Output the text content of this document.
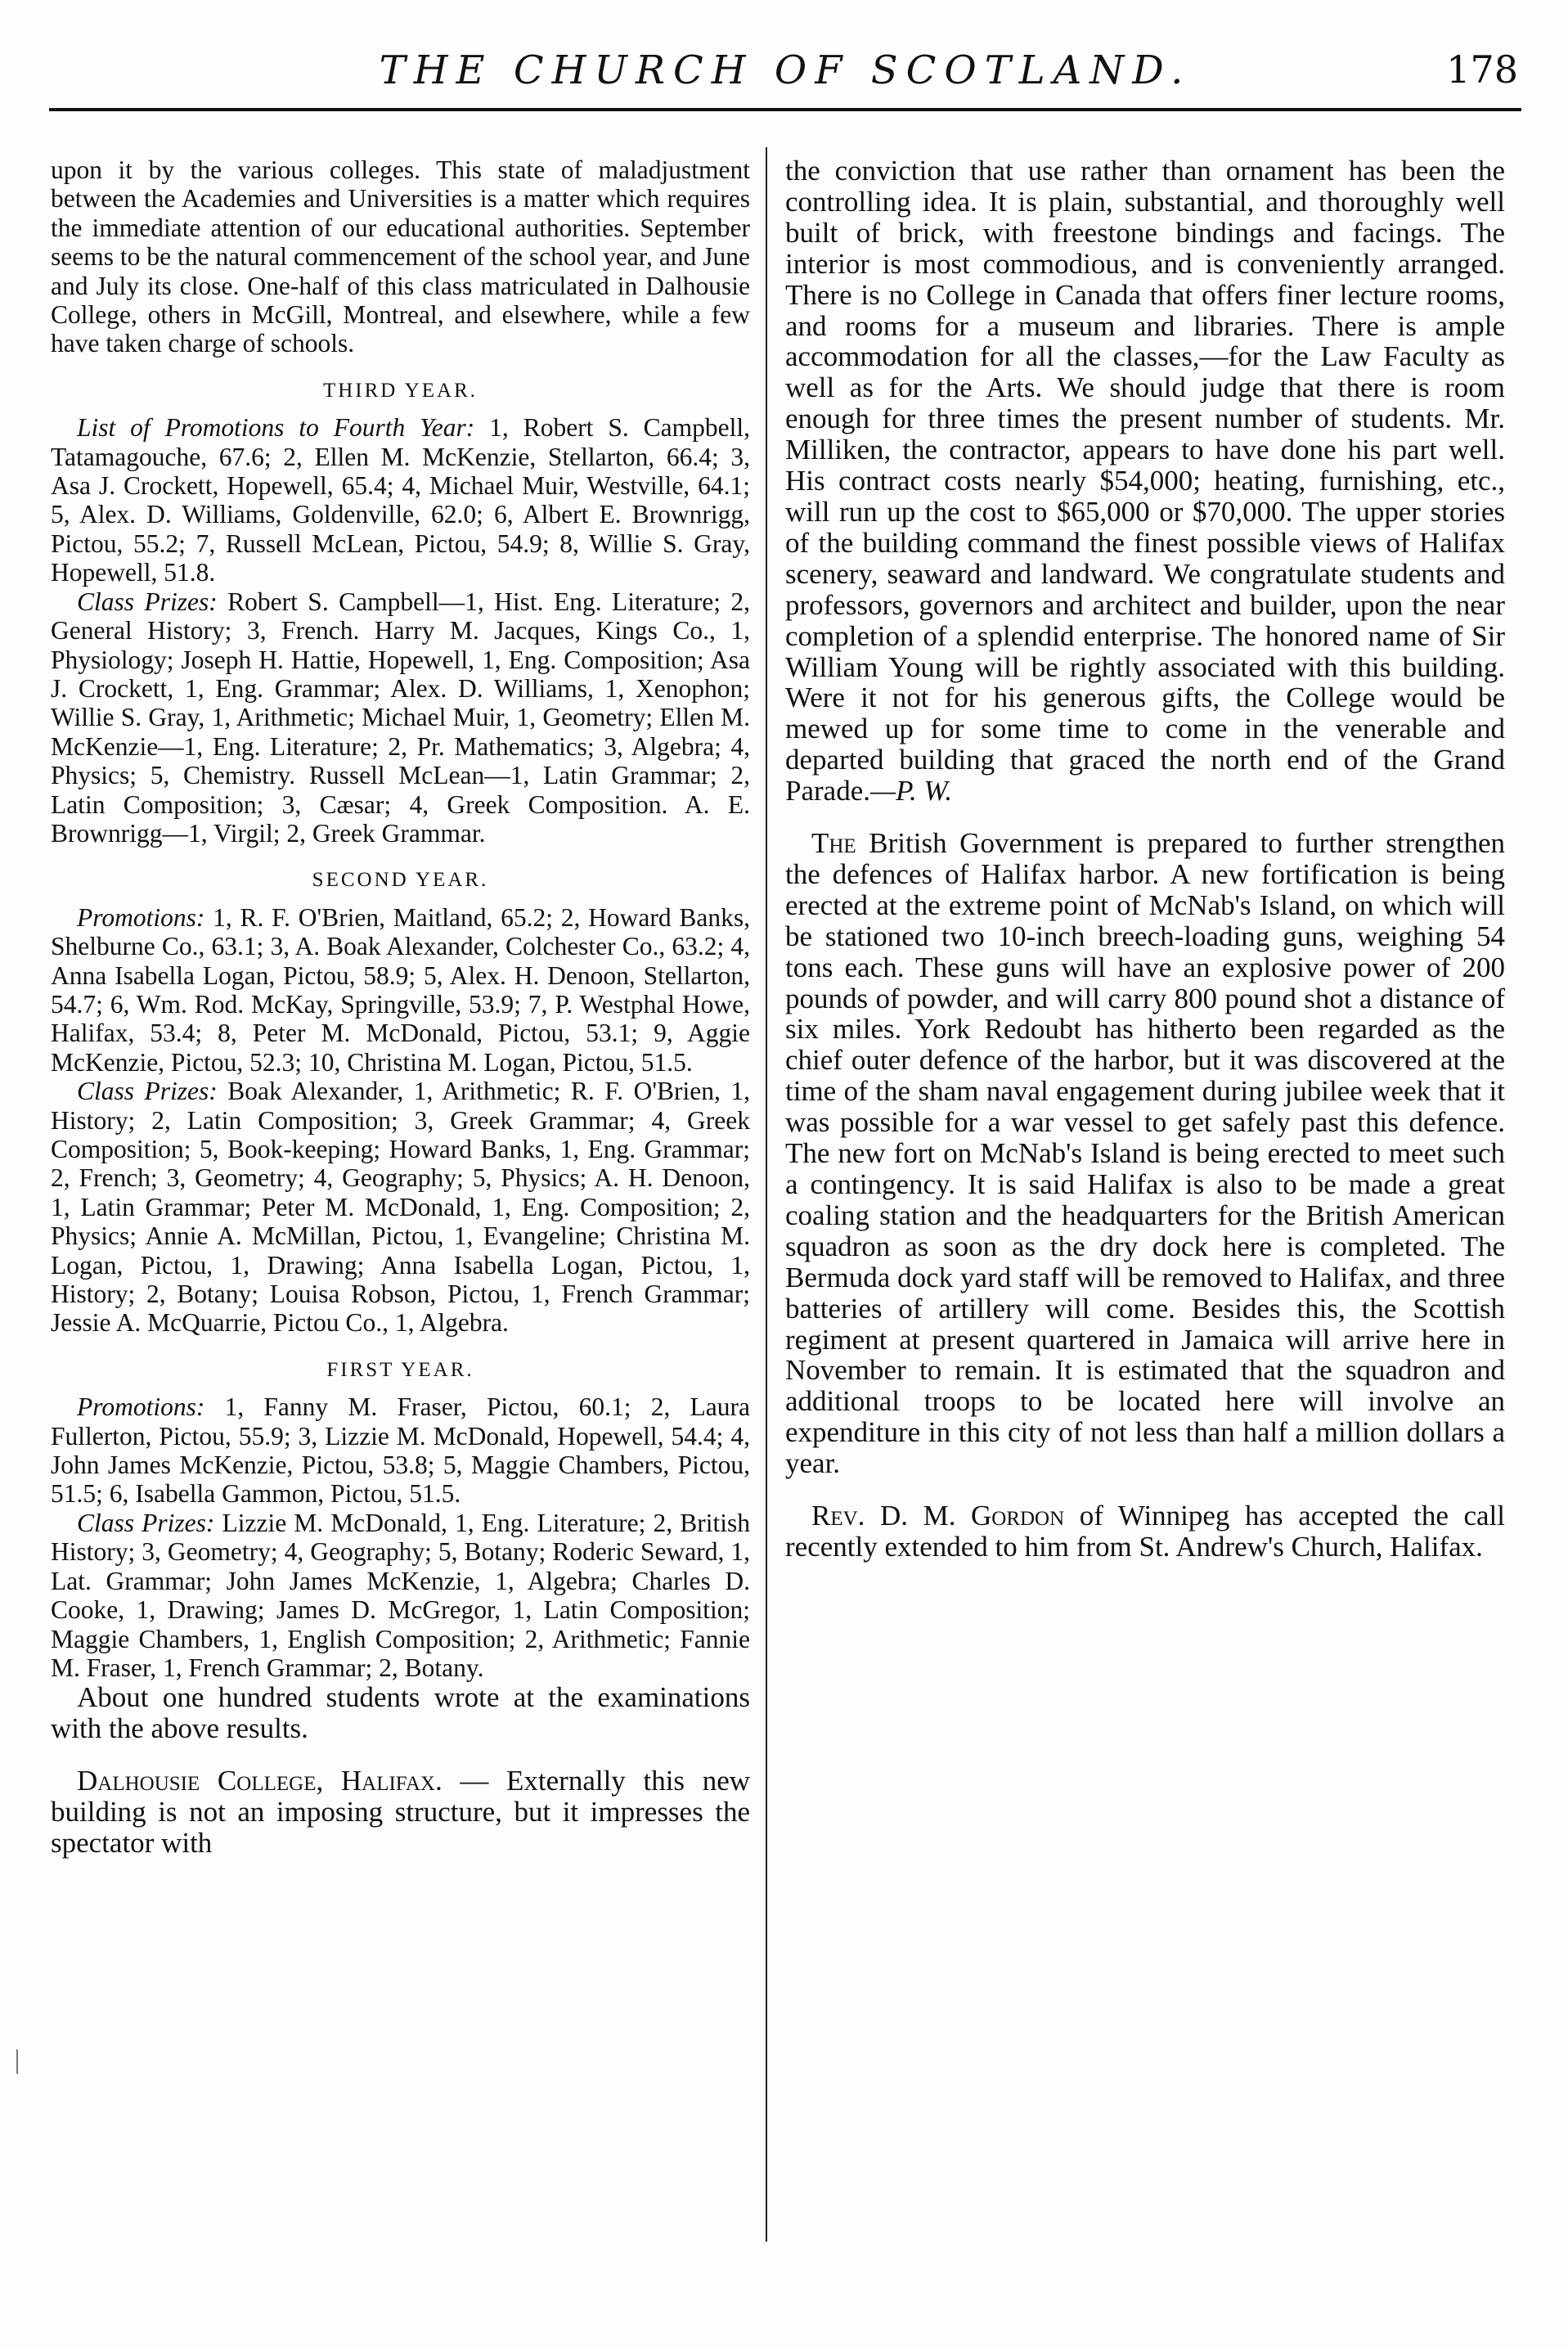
THE CHURCH OF SCOTLAND.	178

upon it by the various colleges. This state of maladjustment between the Academies and Universities is a matter which requires the immediate attention of our educational authorities. September seems to be the natural commencement of the school year, and June and July its close. One-half of this class matriculated in Dalhousie College, others in McGill, Montreal, and elsewhere, while a few have taken charge of schools.

THIRD YEAR.

List of Promotions to Fourth Year: 1, Robert S. Campbell, Tatamagouche, 67.6; 2, Ellen M. McKenzie, Stellarton, 66.4; 3, Asa J. Crockett, Hopewell, 65.4; 4, Michael Muir, Westville, 64.1; 5, Alex. D. Williams, Goldenville, 62.0; 6, Albert E. Brownrigg, Pictou, 55.2; 7, Russell McLean, Pictou, 54.9; 8, Willie S. Gray, Hopewell, 51.8.

Class Prizes: Robert S. Campbell—1, Hist. Eng. Literature; 2, General History; 3, French. Harry M. Jacques, Kings Co., 1, Physiology; Joseph H. Hattie, Hopewell, 1, Eng. Composition; Asa J. Crockett, 1, Eng. Grammar; Alex. D. Williams, 1, Xenophon; Willie S. Gray, 1, Arithmetic; Michael Muir, 1, Geometry; Ellen M. McKenzie—1, Eng. Literature; 2, Pr. Mathematics; 3, Algebra; 4, Physics; 5, Chemistry. Russell McLean—1, Latin Grammar; 2, Latin Composition; 3, Cæsar; 4, Greek Composition. A. E. Brownrigg—1, Virgil; 2, Greek Grammar.

SECOND YEAR.

Promotions: 1, R. F. O'Brien, Maitland, 65.2; 2, Howard Banks, Shelburne Co., 63.1; 3, A. Boak Alexander, Colchester Co., 63.2; 4, Anna Isabella Logan, Pictou, 58.9; 5, Alex. H. Denoon, Stellarton, 54.7; 6, Wm. Rod. McKay, Springville, 53.9; 7, P. Westphal Howe, Halifax, 53.4; 8, Peter M. McDonald, Pictou, 53.1; 9, Aggie McKenzie, Pictou, 52.3; 10, Christina M. Logan, Pictou, 51.5.

Class Prizes: Boak Alexander, 1, Arithmetic; R. F. O'Brien, 1, History; 2, Latin Composition; 3, Greek Grammar; 4, Greek Composition; 5, Book-keeping; Howard Banks, 1, Eng. Grammar; 2, French; 3, Geometry; 4, Geography; 5, Physics; A. H. Denoon, 1, Latin Grammar; Peter M. McDonald, 1, Eng. Composition; 2, Physics; Annie A. McMillan, Pictou, 1, Evangeline; Christina M. Logan, Pictou, 1, Drawing; Anna Isabella Logan, Pictou, 1, History; 2, Botany; Louisa Robson, Pictou, 1, French Grammar; Jessie A. McQuarrie, Pictou Co., 1, Algebra.

FIRST YEAR.

Promotions: 1, Fanny M. Fraser, Pictou, 60.1; 2, Laura Fullerton, Pictou, 55.9; 3, Lizzie M. McDonald, Hopewell, 54.4; 4, John James McKenzie, Pictou, 53.8; 5, Maggie Chambers, Pictou, 51.5; 6, Isabella Gammon, Pictou, 51.5.

Class Prizes: Lizzie M. McDonald, 1, Eng. Literature; 2, British History; 3, Geometry; 4, Geography; 5, Botany; Roderic Seward, 1, Lat. Grammar; John James McKenzie, 1, Algebra; Charles D. Cooke, 1, Drawing; James D. McGregor, 1, Latin Composition; Maggie Chambers, 1, English Composition; 2, Arithmetic; Fannie M. Fraser, 1, French Grammar; 2, Botany.

About one hundred students wrote at the examinations with the above results.

Dalhousie College, Halifax. — Externally this new building is not an imposing structure, but it impresses the spectator with

the conviction that use rather than ornament has been the controlling idea. It is plain, substantial, and thoroughly well built of brick, with freestone bindings and facings. The interior is most commodious, and is conveniently arranged. There is no College in Canada that offers finer lecture rooms, and rooms for a museum and libraries. There is ample accommodation for all the classes,—for the Law Faculty as well as for the Arts. We should judge that there is room enough for three times the present number of students. Mr. Milliken, the contractor, appears to have done his part well. His contract costs nearly $54,000; heating, furnishing, etc., will run up the cost to $65,000 or $70,000. The upper stories of the building command the finest possible views of Halifax scenery, seaward and landward. We congratulate students and professors, governors and architect and builder, upon the near completion of a splendid enterprise. The honored name of Sir William Young will be rightly associated with this building. Were it not for his generous gifts, the College would be mewed up for some time to come in the venerable and departed building that graced the north end of the Grand Parade.—P. W.

The British Government is prepared to further strengthen the defences of Halifax harbor. A new fortification is being erected at the extreme point of McNab's Island, on which will be stationed two 10-inch breech-loading guns, weighing 54 tons each. These guns will have an explosive power of 200 pounds of powder, and will carry 800 pound shot a distance of six miles. York Redoubt has hitherto been regarded as the chief outer defence of the harbor, but it was discovered at the time of the sham naval engagement during jubilee week that it was possible for a war vessel to get safely past this defence. The new fort on McNab's Island is being erected to meet such a contingency. It is said Halifax is also to be made a great coaling station and the headquarters for the British American squadron as soon as the dry dock here is completed. The Bermuda dock yard staff will be removed to Halifax, and three batteries of artillery will come. Besides this, the Scottish regiment at present quartered in Jamaica will arrive here in November to remain. It is estimated that the squadron and additional troops to be located here will involve an expenditure in this city of not less than half a million dollars a year.

Rev. D. M. Gordon of Winnipeg has accepted the call recently extended to him from St. Andrew's Church, Halifax.
